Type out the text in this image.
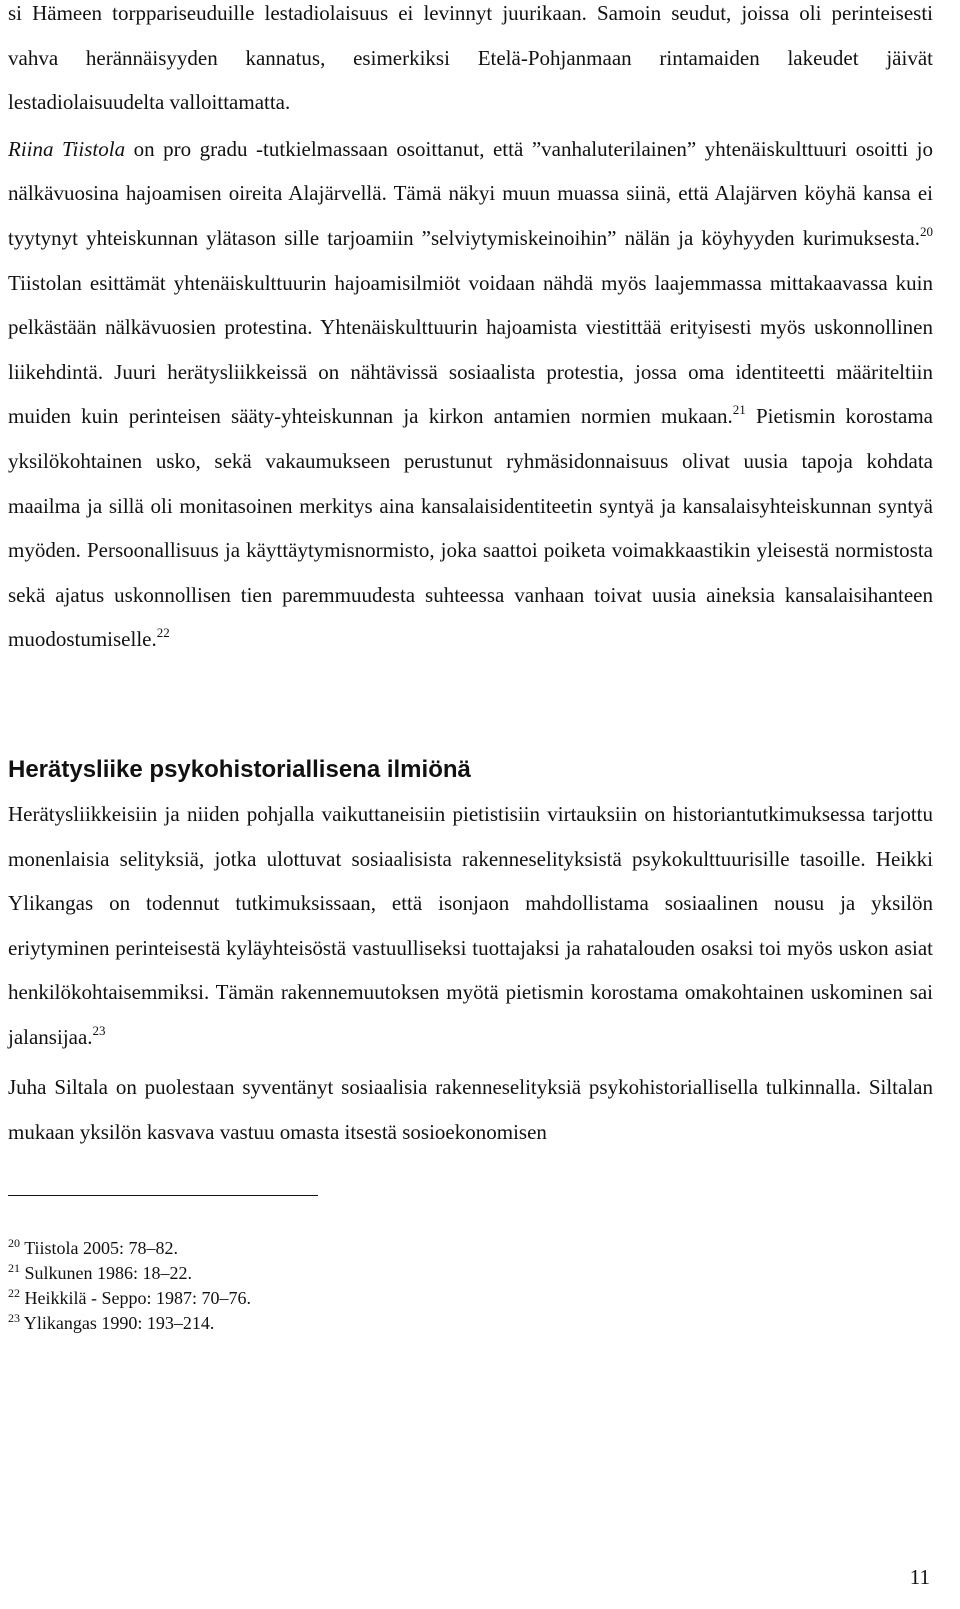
si Hämeen torppariseuduille lestadiolaisuus ei levinnyt juurikaan. Samoin seudut, joissa oli perinteisesti vahva herännäisyyden kannatus, esimerkiksi Etelä-Pohjanmaan rintamaiden lakeudet jäivät lestadiolaisuudelta valloittamatta.

Riina Tiistola on pro gradu -tutkielmassaan osoittanut, että ”vanhaluterilainen” yhtenäiskulttuuri osoitti jo nälkävuosina hajoamisen oireita Alajärvellä. Tämä näkyi muun muassa siinä, että Alajärven köyhä kansa ei tyytynyt yhteiskunnan ylätason sille tarjoamiin ”selviytymiskeinoihin” nälän ja köyhyyden kurimuksesta.$^{20}$ Tiistolan esittämät yhtenäiskulttuurin hajoamisilmiöt voidaan nähdä myös laajemmassa mittakaavassa kuin pelkästään nälkävuosien protestina. Yhtenäiskulttuurin hajoamista viestittää erityisesti myös uskonnollinen liikehdintä. Juuri herätysliikkeissä on nähtävissä sosiaalista protestia, jossa oma identiteetti määriteltiin muiden kuin perinteisen sääty-yhteiskunnan ja kirkon antamien normien mukaan.$^{21}$ Pietismin korostama yksilökohtainen usko, sekä vakaumukseen perustunut ryhmäsidonnaisuus olivat uusia tapoja kohdata maailma ja sillä oli monitasoinen merkitys aina kansalaisidentiteetin syntyä ja kansalaisyhteiskunnan syntyä myöden. Persoonallisuus ja käyttäytymisnormisto, joka saattoi poiketa voimakkaastikin yleisestä normistosta sekä ajatus uskonnollisen tien paremmuudesta suhteessa vanhaan toivat uusia aineksia kansalaisihanteen muodostumiselle.$^{22}$

Herätysliike psykohistoriallisena ilmiönä

Herätysliikkeisiin ja niiden pohjalla vaikuttaneisiin pietistisiin virtauksiin on historiantutkimuksessa tarjottu monenlaisia selityksiä, jotka ulottuvat sosiaalisista rakenneselityksistä psykokulttuurisille tasoille. Heikki Ylikangas on todennut tutkimuksissaan, että isonjaon mahdollistama sosiaalinen nousu ja yksilön eriytyminen perinteisestä kyläyhteisöstä vastuulliseksi tuottajaksi ja rahatalouden osaksi toi myös uskon asiat henkilökohtaisemmiksi. Tämän rakennemuutoksen myötä pietismin korostama omakohtainen uskominen sai jalansijaa.$^{23}$

Juha Siltala on puolestaan syventänyt sosiaalisia rakenneselityksiä psykohistoriallisella tulkinnalla. Siltalan mukaan yksilön kasvava vastuu omasta itsestä sosioekonomisen

$^{20}$ Tiistola 2005: 78–82.

$^{21}$ Sulkunen 1986: 18–22.

$^{22}$ Heikkilä - Seppo: 1987: 70–76.

$^{23}$ Ylikangas 1990: 193–214.

11
